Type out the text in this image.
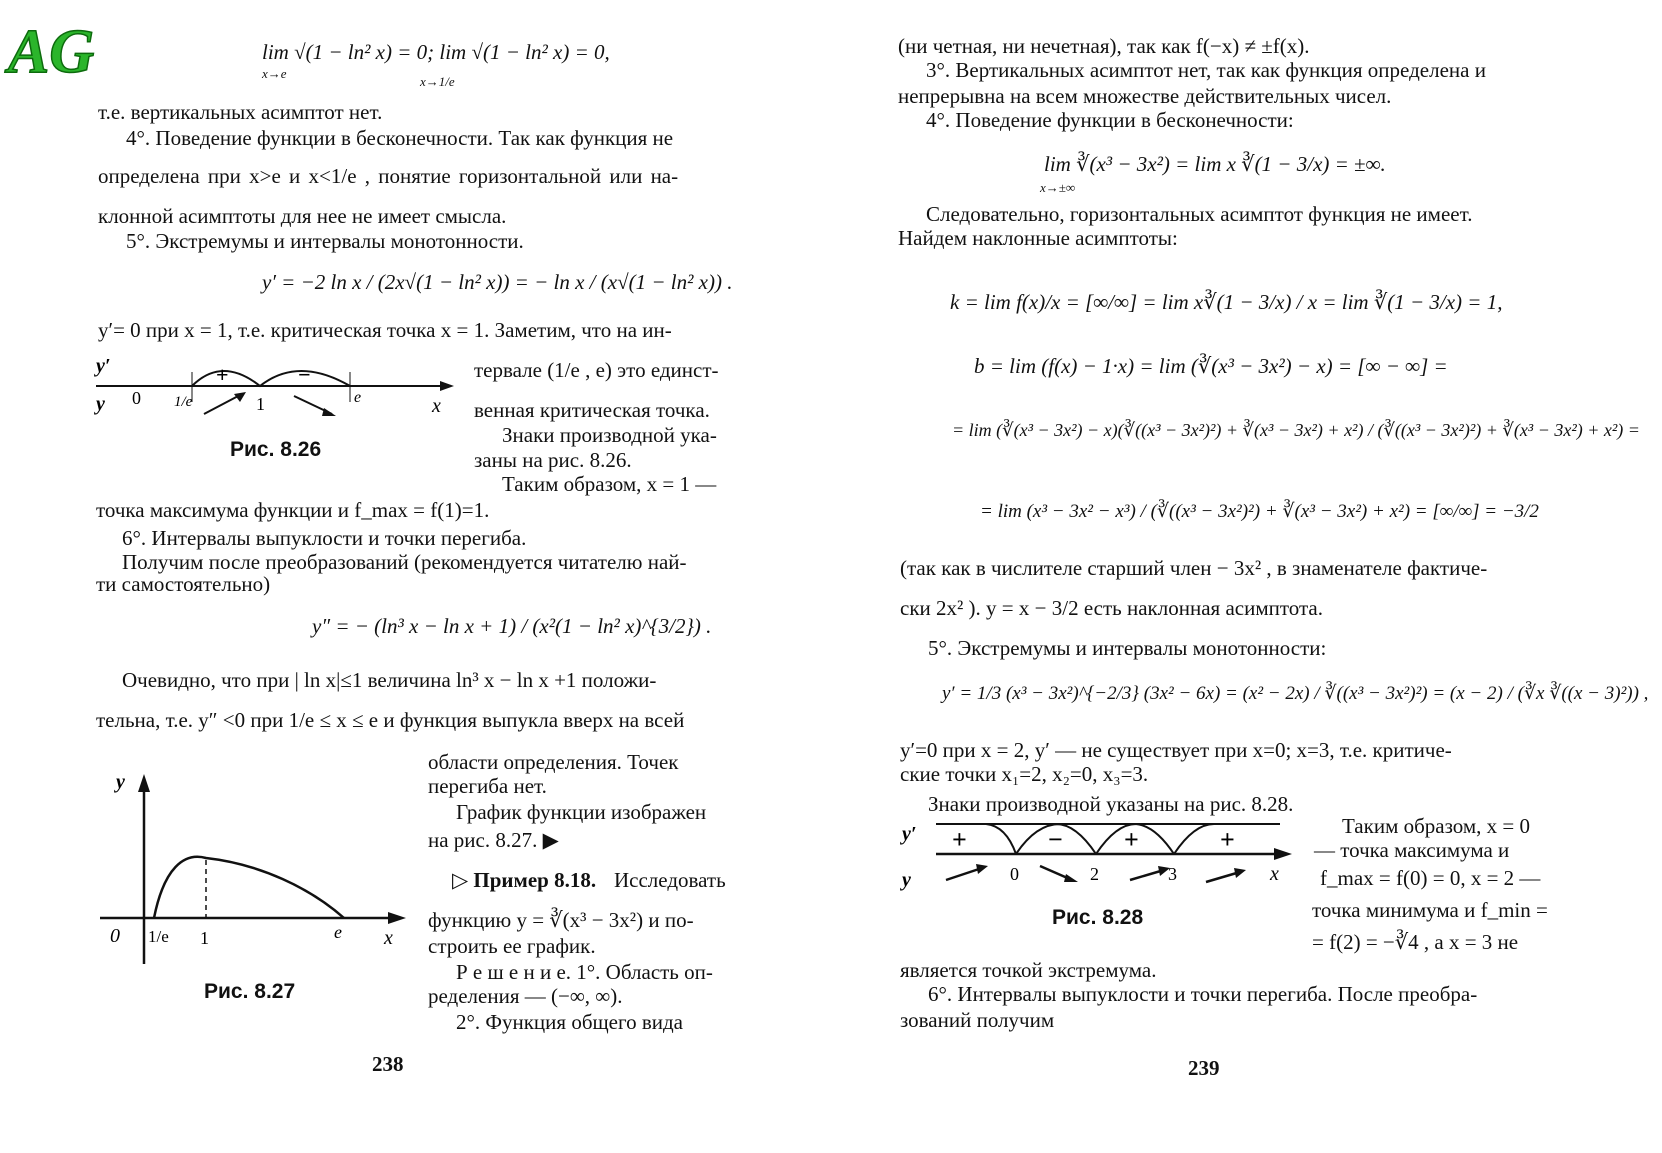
AG	lim √(1 − ln² x) = 0; lim √(1 − ln² x) = 0,
x→e
x→1/e
т.е. вертикальных асимптот нет.
4°. Поведение функции в бесконечности. Так как функция не
определена при x>e и x<1/e , понятие горизонтальной или на-
клонной асимптоты для нее не имеет смысла.
5°. Экстремумы и интервалы монотонности.
y′ = −2 ln x / (2x√(1 − ln² x)) = − ln x / (x√(1 − ln² x)) .
y′= 0 при x = 1, т.е. критическая точка x = 1. Заметим, что на ин-
y′
y 0 1/e
+	−
1	e	x
Рис. 8.26
тервале (1/e , e) это единст-
венная критическая точка.
Знаки производной ука-
заны на рис. 8.26.
Таким образом, x = 1 —
точка максимума функции и f_max = f(1)=1.
6°. Интервалы выпуклости и точки перегиба.
Получим после преобразований (рекомендуется читателю най-
ти самостоятельно)
y″ = − (ln³ x − ln x + 1) / (x²(1 − ln² x)^{3/2}) .
Очевидно, что при | ln x|≤1 величина ln³ x − ln x +1 положи-
тельна, т.е. y″ <0 при 1/e ≤ x ≤ e и функция выпукла вверх на всей
y
0 1/e 1	e x
Рис. 8.27
области определения. Точек
перегиба нет.
График функции изображен
на рис. 8.27. ▶
▷ Пример 8.18. Исследовать
функцию y = ∛(x³ − 3x²) и по-
строить ее график.
Р е ш е н и е. 1°. Область оп-
ределения — (−∞, ∞).
2°. Функция общего вида
238
(ни четная, ни нечетная), так как f(−x) ≠ ±f(x).
3°. Вертикальных асимптот нет, так как функция определена и
непрерывна на всем множестве действительных чисел.
4°. Поведение функции в бесконечности:
lim ∛(x³ − 3x²) = lim x ∛(1 − 3/x) = ±∞.
x→±∞
Следовательно, горизонтальных асимптот функция не имеет.
Найдем наклонные асимптоты:
k = lim f(x)/x = [∞/∞] = lim x∛(1 − 3/x) / x = lim ∛(1 − 3/x) = 1,
b = lim (f(x) − 1·x) = lim (∛(x³ − 3x²) − x) = [∞ − ∞] =
= lim (∛(x³ − 3x²) − x)(∛((x³ − 3x²)²) + ∛(x³ − 3x²) + x²) / (∛((x³ − 3x²)²) + ∛(x³ − 3x²) + x²) =
= lim (x³ − 3x² − x³) / (∛((x³ − 3x²)²) + ∛(x³ − 3x²) + x²) = [∞/∞] = −3/2
(так как в числителе старший член − 3x² , в знаменателе фактиче-
ски 2x² ). y = x − 3/2 есть наклонная асимптота.
5°. Экстремумы и интервалы монотонности:
y′ = 1/3 (x³ − 3x²)^{−2/3} (3x² − 6x) = (x² − 2x) / ∛((x³ − 3x²)²) = (x − 2) / (∛x ∛((x − 3)²)) ,
y′=0 при x = 2, y′ — не существует при x=0; x=3, т.е. критиче-
ские точки x₁=2, x₂=0, x₃=3.
Знаки производной указаны на рис. 8.28.
y′
y
+	− +	+
0	2	3	x
Рис. 8.28
Таким образом, x = 0
— точка максимума и
f_max = f(0) = 0, x = 2 —
точка минимума и f_min =
= f(2) = −∛4 , а x = 3 не
является точкой экстремума.
6°. Интервалы выпуклости и точки перегиба. После преобра-
зований получим
239
